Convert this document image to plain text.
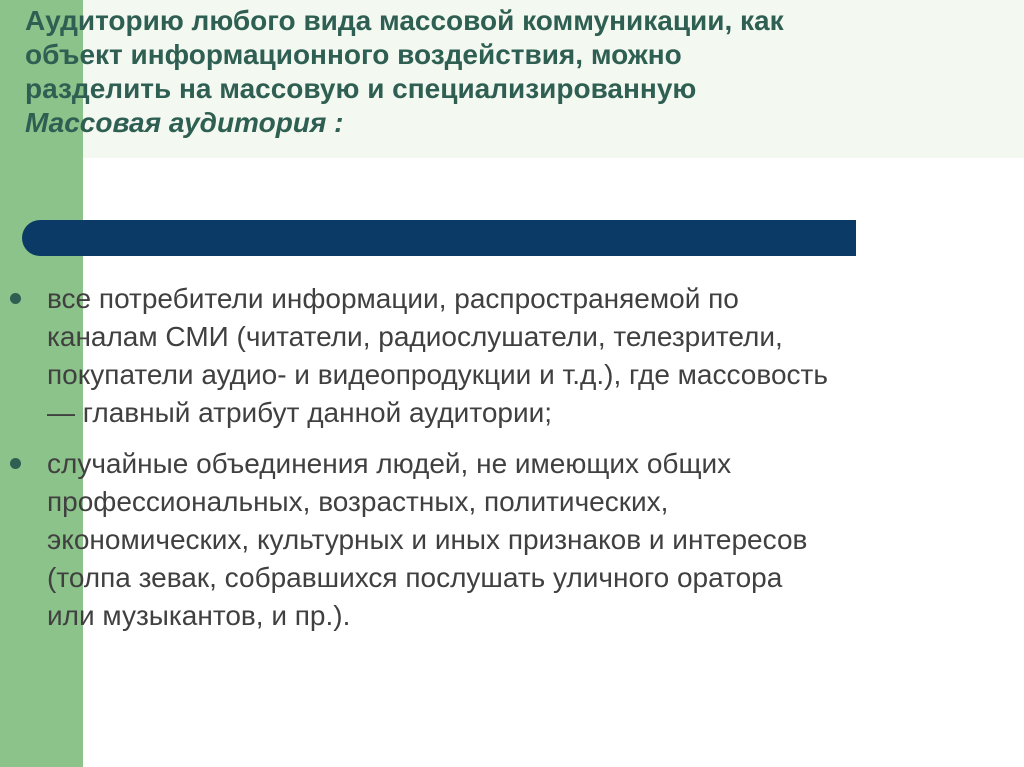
Аудиторию любого вида массовой коммуникации, как
объект информационного воздействия, можно
разделить на массовую и специализированную
Массовая аудитория :
все потребители информации, распространяемой по
каналам СМИ (читатели, радиослушатели, телезрители,
покупатели аудио- и видеопродукции и т.д.), где массовость
— главный атрибут данной аудитории;
случайные объединения людей, не имеющих общих
профессиональных, возрастных, политических,
экономических, культурных и иных признаков и интересов
(толпа зевак, собравшихся послушать уличного оратора
или музыкантов, и пр.).
